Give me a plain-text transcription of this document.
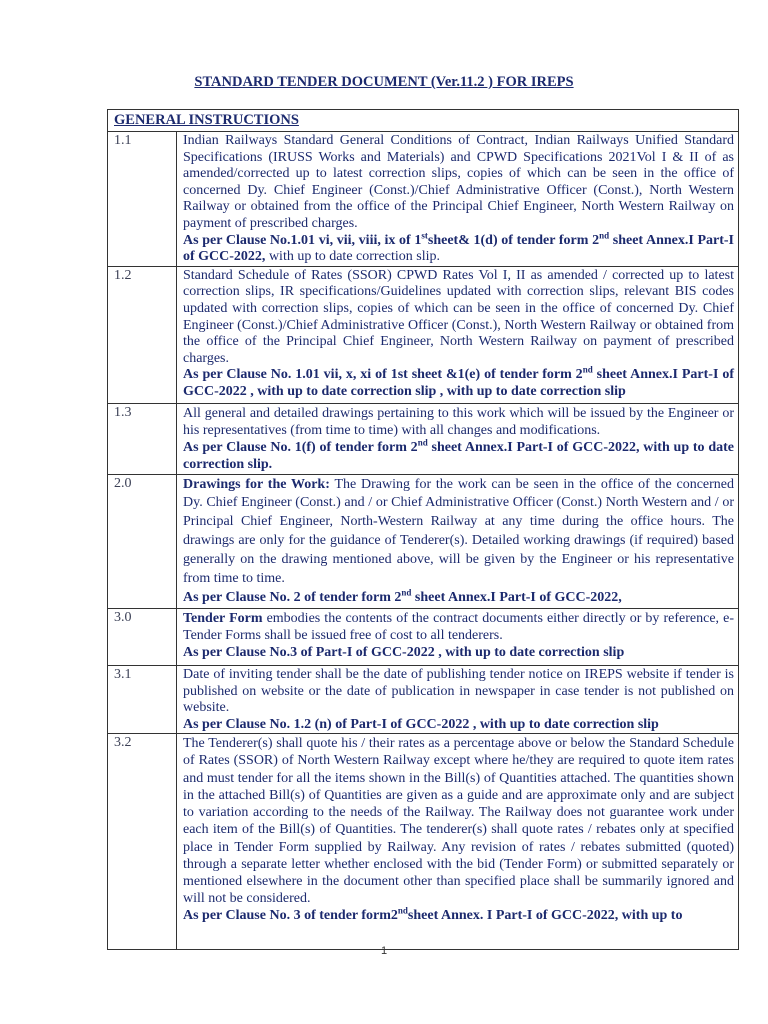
STANDARD TENDER DOCUMENT (Ver.11.2 ) FOR IREPS
GENERAL INSTRUCTIONS	
1.1	Indian Railways Standard General Conditions of Contract, Indian Railways Unified Standard Specifications (IRUSS Works and Materials) and CPWD Specifications 2021Vol I & II of as amended/corrected up to latest correction slips, copies of which can be seen in the office of concerned Dy. Chief Engineer (Const.)/Chief Administrative Officer (Const.), North Western Railway or obtained from the office of the Principal Chief Engineer, North Western Railway on payment of prescribed charges.
As per Clause No.1.01 vi, vii, viii, ix of 1stsheet& 1(d) of tender form 2nd sheet Annex.I Part-I of GCC-2022, with up to date correction slip.

1.2	Standard Schedule of Rates (SSOR) CPWD Rates Vol I, II as amended / corrected up to latest correction slips, IR specifications/Guidelines updated with correction slips, relevant BIS codes updated with correction slips, copies of which can be seen in the office of concerned Dy. Chief Engineer (Const.)/Chief Administrative Officer (Const.), North Western Railway or obtained from the office of the Principal Chief Engineer, North Western Railway on payment of prescribed charges.
As per Clause No. 1.01 vii, x, xi of 1st sheet &1(e) of tender form 2nd sheet Annex.I Part-I of GCC-2022 , with up to date correction slip , with up to date correction slip

1.3	All general and detailed drawings pertaining to this work which will be issued by the Engineer or his representatives (from time to time) with all changes and modifications.
As per Clause No. 1(f) of tender form 2nd sheet Annex.I Part-I of GCC-2022, with up to date correction slip.

2.0	Drawings for the Work: The Drawing for the work can be seen in the office of the concerned Dy. Chief Engineer (Const.) and / or Chief Administrative Officer (Const.) North Western and / or Principal Chief Engineer, North-Western Railway at any time during the office hours. The drawings are only for the guidance of Tenderer(s). Detailed working drawings (if required) based generally on the drawing mentioned above, will be given by the Engineer or his representative from time to time.
As per Clause No. 2 of tender form 2nd sheet Annex.I Part-I of GCC-2022,

3.0	Tender Form embodies the contents of the contract documents either directly or by reference, e-Tender Forms shall be issued free of cost to all tenderers.
As per Clause No.3 of Part-I of GCC-2022 , with up to date correction slip

3.1	Date of inviting tender shall be the date of publishing tender notice on IREPS website if tender is published on website or the date of publication in newspaper in case tender is not published on website.
As per Clause No. 1.2 (n) of Part-I of GCC-2022 , with up to date correction slip

3.2	The Tenderer(s) shall quote his / their rates as a percentage above or below the Standard Schedule of Rates (SSOR) of North Western Railway except where he/they are required to quote item rates and must tender for all the items shown in the Bill(s) of Quantities attached. The quantities shown in the attached Bill(s) of Quantities are given as a guide and are approximate only and are subject to variation according to the needs of the Railway. The Railway does not guarantee work under each item of the Bill(s) of Quantities. The tenderer(s) shall quote rates / rebates only at specified place in Tender Form supplied by Railway. Any revision of rates / rebates submitted (quoted) through a separate letter whether enclosed with the bid (Tender Form) or submitted separately or mentioned elsewhere in the document other than specified place shall be summarily ignored and will not be considered.
As per Clause No. 3 of tender form2ndsheet Annex. I Part-I of GCC-2022, with up to
1
